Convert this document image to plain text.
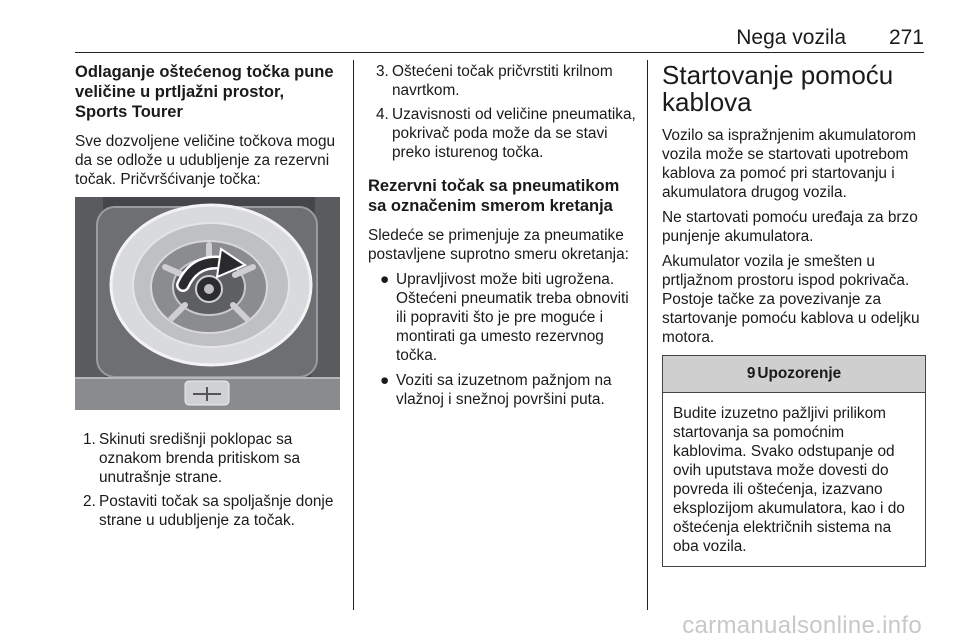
Nega vozila 271
Odlaganje oštećenog točka pune veličine u prtljažni prostor, Sports Tourer

Sve dozvoljene veličine točkova mogu da se odlože u udubljenje za rezervni točak. Pričvršćivanje točka:

1. Skinuti središnji poklopac sa oznakom brenda pritiskom sa unutrašnje strane.
2. Postaviti točak sa spoljašnje donje strane u udubljenje za točak.
3. Oštećeni točak pričvrstiti krilnom navrtkom.
4. Uzavisnosti od veličine pneumatika, pokrivač poda može da se stavi preko isturenog točka.
Rezervni točak sa pneumatikom sa označenim smerom kretanja

Sledeće se primenjuje za pneumatike postavljene suprotno smeru okretanja:

● Upravljivost može biti ugrožena. Oštećeni pneumatik treba obnoviti ili popraviti što je pre moguće i montirati ga umesto rezervnog točka.
● Voziti sa izuzetnom pažnjom na vlažnoj i snežnoj površini puta.
Startovanje pomoću kablova

Vozilo sa ispražnjenim akumulatorom vozila može se startovati upotrebom kablova za pomoć pri startovanju i akumulatora drugog vozila.

Ne startovati pomoću uređaja za brzo punjenje akumulatora.

Akumulator vozila je smešten u prtljažnom prostoru ispod pokrivača. Postoje tačke za povezivanje za startovanje pomoću kablova u odeljku motora.

9 Upozorenje

Budite izuzetno pažljivi prilikom startovanja sa pomoćnim kablovima. Svako odstupanje od ovih uputstava može dovesti do povreda ili oštećenja, izazvano eksplozijom akumulatora, kao i do oštećenja električnih sistema na oba vozila.

carmanualsonline.info
